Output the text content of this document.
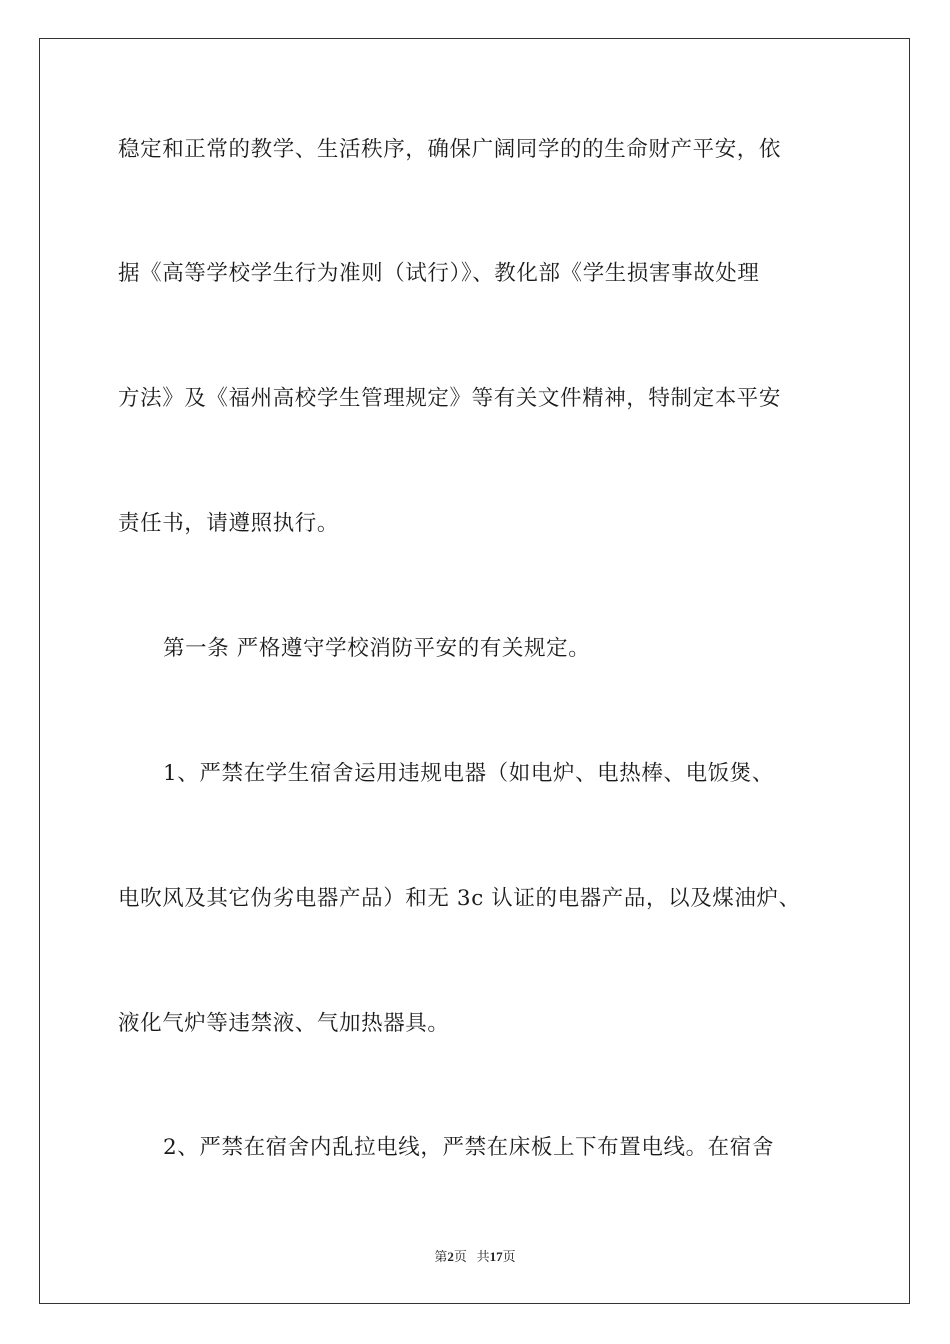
稳定和正常的教学、生活秩序，确保广阔同学的的生命财产平安，依
据《高等学校学生行为准则（试行）》、教化部《学生损害事故处理
方法》及《福州高校学生管理规定》等有关文件精神，特制定本平安
责任书，请遵照执行。
第一条 严格遵守学校消防平安的有关规定。
1、严禁在学生宿舍运用违规电器（如电炉、电热棒、电饭煲、
电吹风及其它伪劣电器产品）和无 3c 认证的电器产品，以及煤油炉、
液化气炉等违禁液、气加热器具。
2、严禁在宿舍内乱拉电线，严禁在床板上下布置电线。在宿舍
第2页 共17页
